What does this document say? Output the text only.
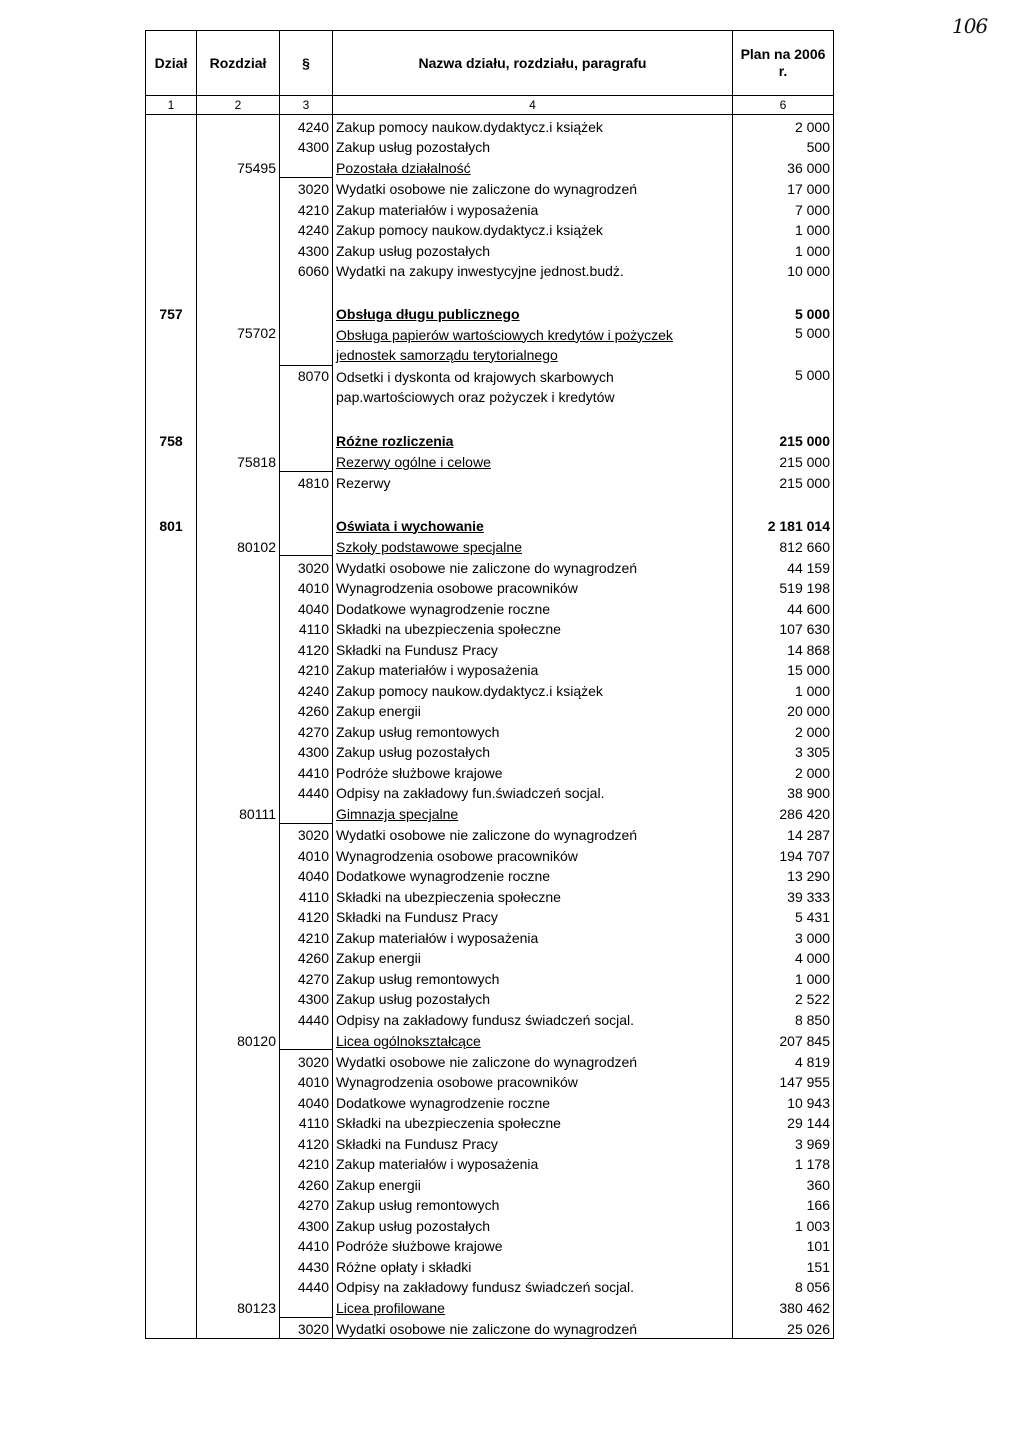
106
Dział	Rozdział	§	Nazwa działu, rozdziału, paragrafu	Plan na 2006 r.
1	2	3	4	6
		4240	Zakup pomocy naukow.dydaktycz.i książek	2 000
		4300	Zakup usług pozostałych	500
	75495		Pozostała działalność	36 000
		3020	Wydatki osobowe nie zaliczone do wynagrodzeń	17 000
		4210	Zakup materiałów i wyposażenia	7 000
		4240	Zakup pomocy naukow.dydaktycz.i książek	1 000
		4300	Zakup usług pozostałych	1 000
		6060	Wydatki na zakupy inwestycyjne jednost.budż.	10 000

757			Obsługa długu publicznego	5 000
	75702		Obsługa papierów wartościowych kredytów i pożyczek jednostek samorządu terytorialnego	5 000
		8070	Odsetki i dyskonta od krajowych skarbowych pap.wartościowych oraz pożyczek i kredytów	5 000

758			Różne rozliczenia	215 000
	75818		Rezerwy ogólne i celowe	215 000
		4810	Rezerwy	215 000

801			Oświata i wychowanie	2 181 014
	80102		Szkoły podstawowe specjalne	812 660
		3020	Wydatki osobowe nie zaliczone do wynagrodzeń	44 159
		4010	Wynagrodzenia osobowe pracowników	519 198
		4040	Dodatkowe wynagrodzenie roczne	44 600
		4110	Składki na ubezpieczenia społeczne	107 630
		4120	Składki na Fundusz Pracy	14 868
		4210	Zakup materiałów i wyposażenia	15 000
		4240	Zakup pomocy naukow.dydaktycz.i książek	1 000
		4260	Zakup energii	20 000
		4270	Zakup usług remontowych	2 000
		4300	Zakup usług pozostałych	3 305
		4410	Podróże służbowe krajowe	2 000
		4440	Odpisy na zakładowy fun.świadczeń socjal.	38 900
	80111		Gimnazja specjalne	286 420
		3020	Wydatki osobowe nie zaliczone do wynagrodzeń	14 287
		4010	Wynagrodzenia osobowe pracowników	194 707
		4040	Dodatkowe wynagrodzenie roczne	13 290
		4110	Składki na ubezpieczenia społeczne	39 333
		4120	Składki na Fundusz Pracy	5 431
		4210	Zakup materiałów i wyposażenia	3 000
		4260	Zakup energii	4 000
		4270	Zakup usług remontowych	1 000
		4300	Zakup usług pozostałych	2 522
		4440	Odpisy na zakładowy fundusz świadczeń socjal.	8 850
	80120		Licea ogólnokształcące	207 845
		3020	Wydatki osobowe nie zaliczone do wynagrodzeń	4 819
		4010	Wynagrodzenia osobowe pracowników	147 955
		4040	Dodatkowe wynagrodzenie roczne	10 943
		4110	Składki na ubezpieczenia społeczne	29 144
		4120	Składki na Fundusz Pracy	3 969
		4210	Zakup materiałów i wyposażenia	1 178
		4260	Zakup energii	360
		4270	Zakup usług remontowych	166
		4300	Zakup usług pozostałych	1 003
		4410	Podróże służbowe krajowe	101
		4430	Różne opłaty i składki	151
		4440	Odpisy na zakładowy fundusz świadczeń socjal.	8 056
	80123		Licea profilowane	380 462
		3020	Wydatki osobowe nie zaliczone do wynagrodzeń	25 026
